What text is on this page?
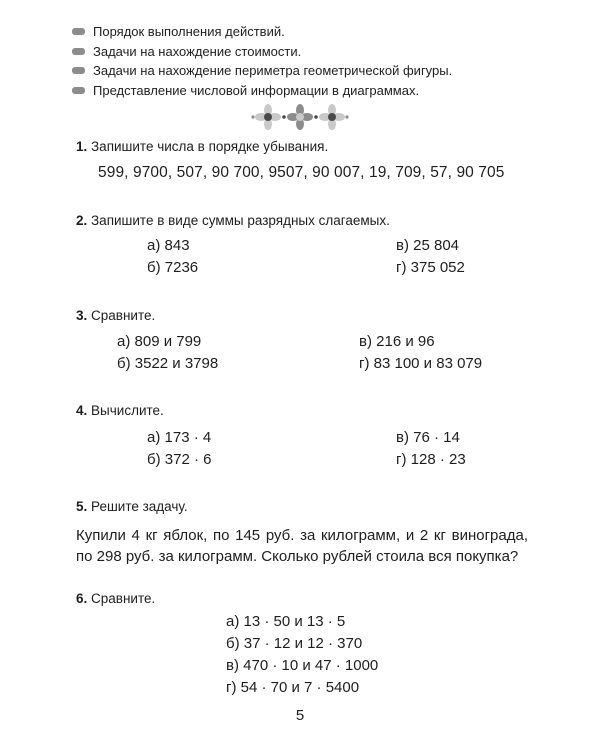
Порядок выполнения действий.
Задачи на нахождение стоимости.
Задачи на нахождение периметра геометрической фигуры.
Представление числовой информации в диаграммах.
1. Запишите числа в порядке убывания.
599, 9700, 507, 90 700, 9507, 90 007, 19, 709, 57, 90 705
2. Запишите в виде суммы разрядных слагаемых.
а) 843
б) 7236
в) 25 804
г) 375 052
3. Сравните.
а) 809 и 799
б) 3522 и 3798
в) 216 и 96
г) 83 100 и 83 079
4. Вычислите.
а) 173 · 4
б) 372 · 6
в) 76 · 14
г) 128 · 23
5. Решите задачу.
Купили 4 кг яблок, по 145 руб. за килограмм, и 2 кг винограда, по 298 руб. за килограмм. Сколько рублей стоила вся покупка?
6. Сравните.
а) 13 · 50 и 13 · 5
б) 37 · 12 и 12 · 370
в) 470 · 10 и 47 · 1000
г) 54 · 70 и 7 · 5400
5
